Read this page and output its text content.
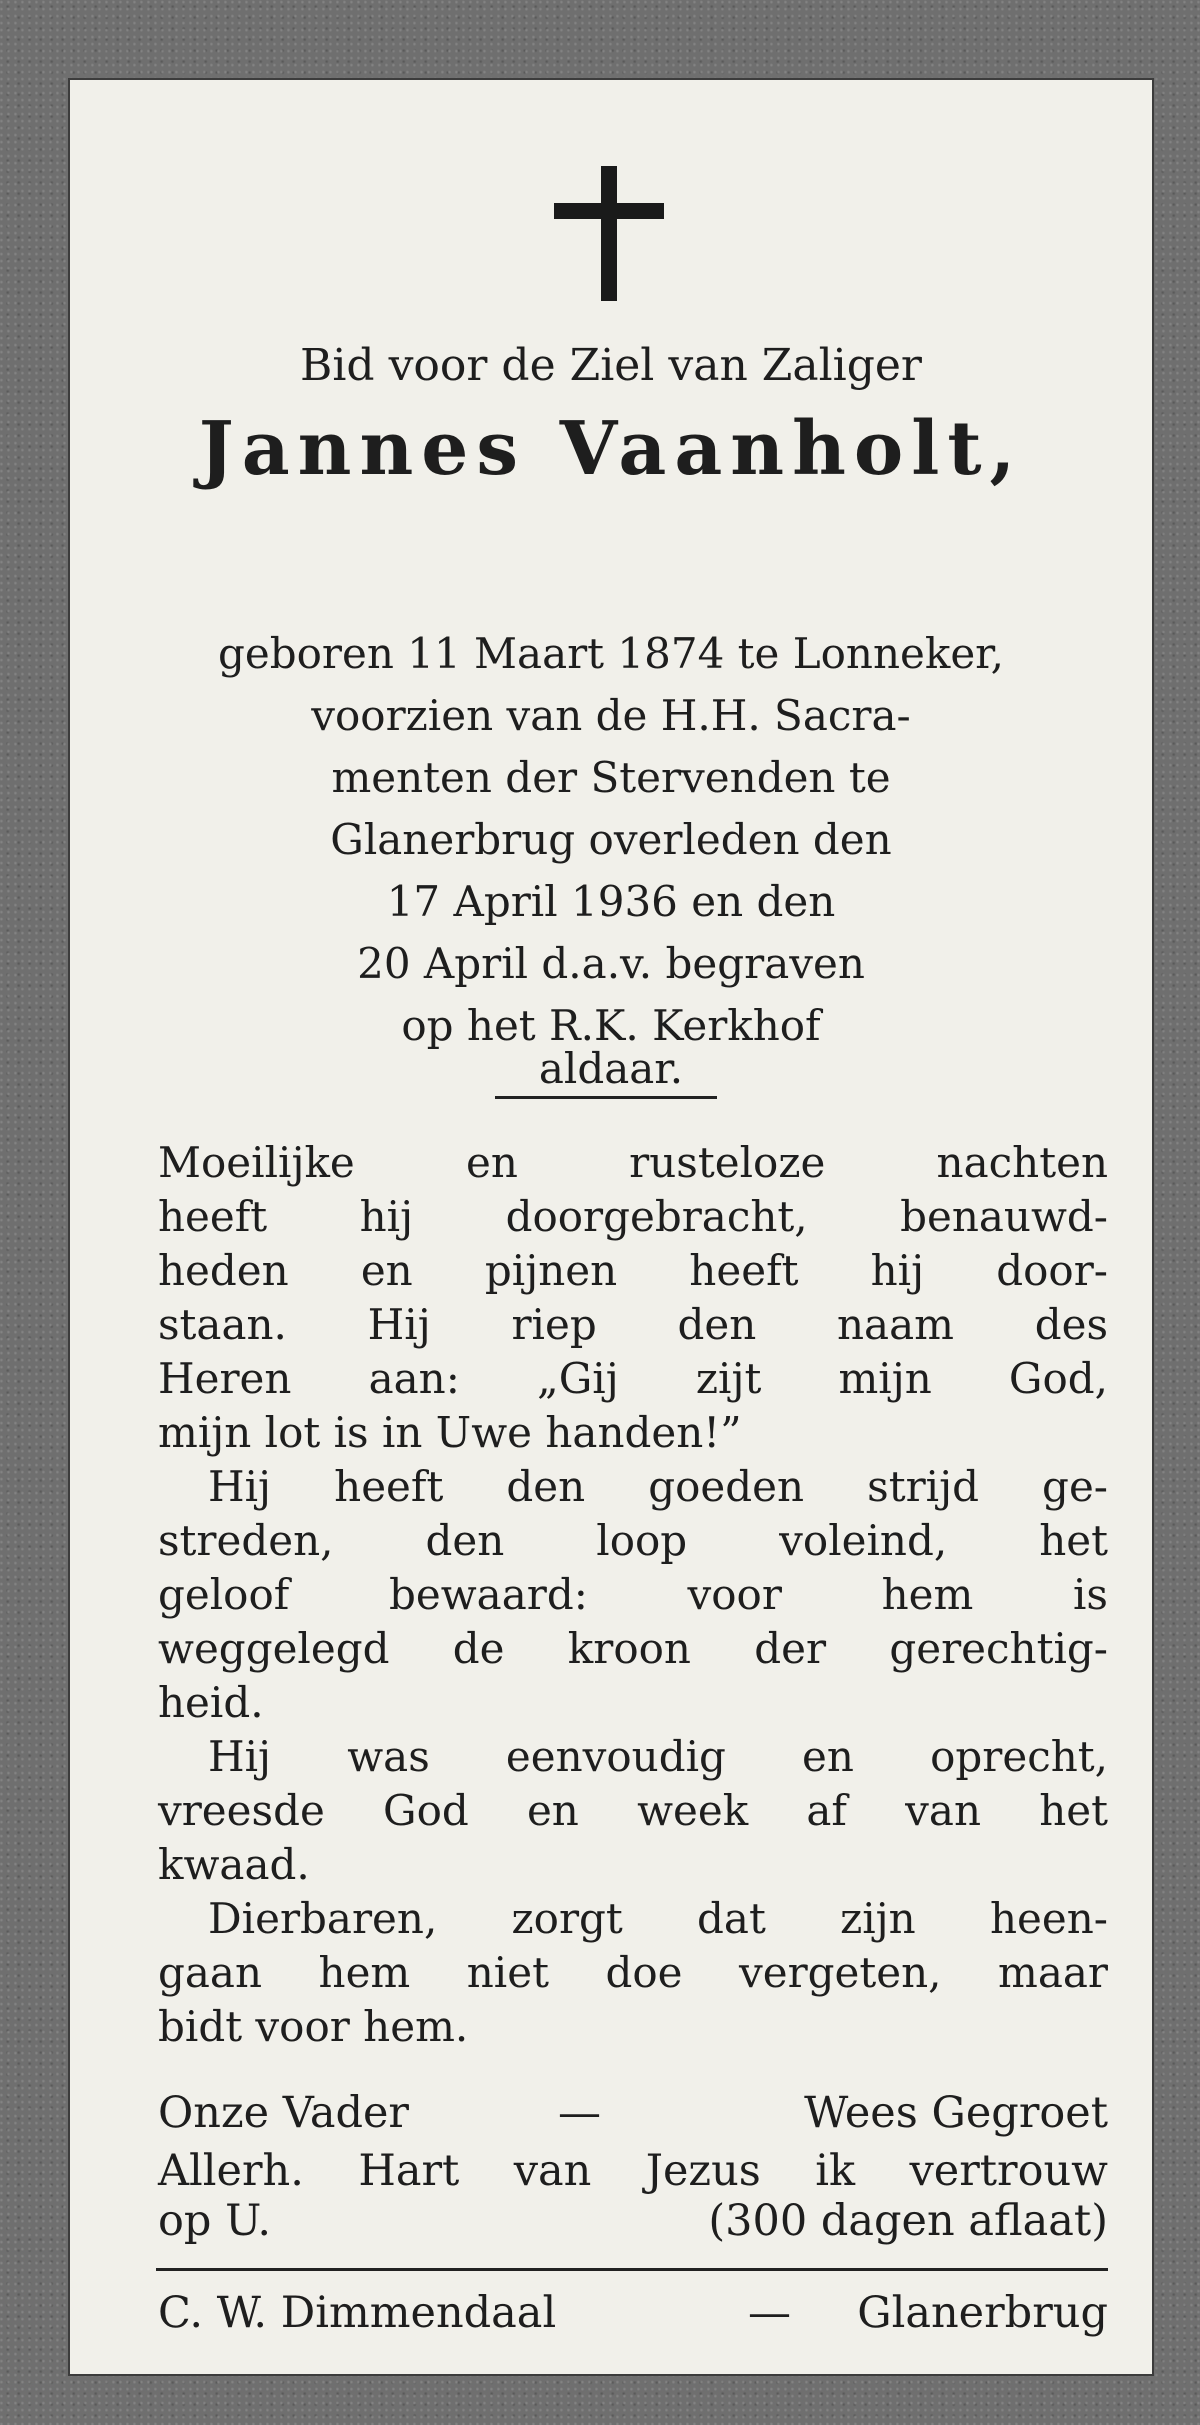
Bid voor de Ziel van Zaliger
Jannes Vaanholt,
geboren 11 Maart 1874 te Lonneker,
voorzien van de H.H. Sacra-
menten der Stervenden te
Glanerbrug overleden den
17 April 1936 en den
20 April d.a.v. begraven
op het R.K. Kerkhof
aldaar.
Moeilijke en rusteloze nachten
heeft hij doorgebracht, benauwd-
heden en pijnen heeft hij door-
staan. Hij riep den naam des
Heren aan: „Gij zijt mijn God,
mijn lot is in Uwe handen!”
Hij heeft den goeden strijd ge-
streden, den loop voleind, het
geloof bewaard: voor hem is
weggelegd de kroon der gerechtig-
heid.
Hij was eenvoudig en oprecht,
vreesde God en week af van het
kwaad.
Dierbaren, zorgt dat zijn heen-
gaan hem niet doe vergeten, maar
bidt voor hem.
Onze Vader	—	Wees Gegroet
Allerh. Hart van Jezus ik vertrouw
op U.	(300 dagen aflaat)
C. W. Dimmendaal	— Glanerbrug
